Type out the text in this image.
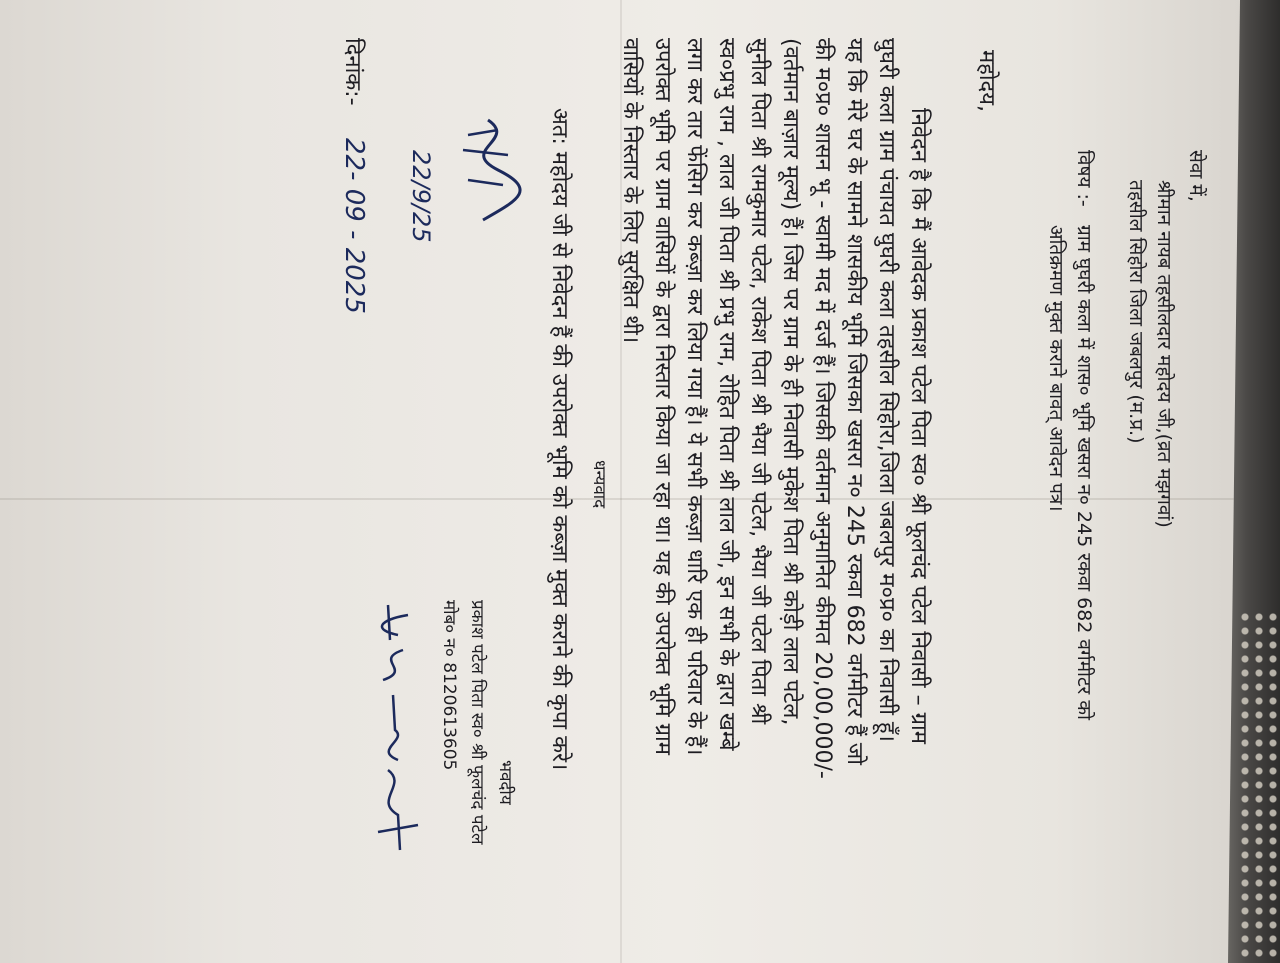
सेवा में,
श्रीमान नायब तहसीलदार महोदय जी,(व्रत मझगवां)
तहसील सिहोरा जिला जबलपुर (म.प्र.)
विषय :-
ग्राम घुघरी कला में शास० भूमि खसरा न० 245 रकवा 682 वर्गमीटर को
अतिक्रमण मुक्त कराने बावत् आवेदन पत्र।
महोदय,
निवेदन है कि मैं आवेदक प्रकाश पटेल पिता स्व० श्री फूलचंद पटेल निवासी – ग्राम
घुघरी कला ग्राम पंचायत घुघरी कला तहसील सिहोरा,जिला जबलपुर म०प्र० का निवासी हूँ।
यह कि मेरे घर के सामने शासकीय भूमि जिसका खसरा न० 245 रकवा 682 वर्गमीटर हैं जो
की म०प्र० शासन भू - स्वामी मद में दर्ज हैं। जिसकी वर्तमान अनुमानित कीमत 20,00,000/-
(वर्तमान बाज़ार मूल्य) हैं। जिस पर ग्राम के ही निवासी मुकेश पिता श्री कोड़ी लाल पटेल,
सुनील पिता श्री रामकुमार पटेल, राकेश पिता श्री भैया जी पटेल, भैया जी पटेल पिता श्री
स्व०प्रभु राम , लाल जी पिता श्री प्रभु राम, रोहित पिता श्री लाल जी, इन सभी के द्वारा खम्बे
लगा कर तार फेंसिग कर कब्ज़ा कर लिया गया हैं। ये सभी कब्ज़ा धारि एक ही परिवार के हैं।
उपरोक्त भूमि पर ग्राम वासियों के द्वारा निस्तार किया जा रहा था। यह की उपरोक्त भूमि ग्राम
वासियों के निस्तार के लिए सुरक्षित थी।
धन्यवाद
अत: महोदय जी से निवेदन हैं की उपरोक्त भूमि को कब्ज़ा मुक्त कराने की कृपा करे।
22/9/25
दिनांक:-
22- 09 - 2025
भवदीय
प्रकाश पटेल पिता स्व० श्री फूलचंद पटेल
मोब० न० 8120613605
